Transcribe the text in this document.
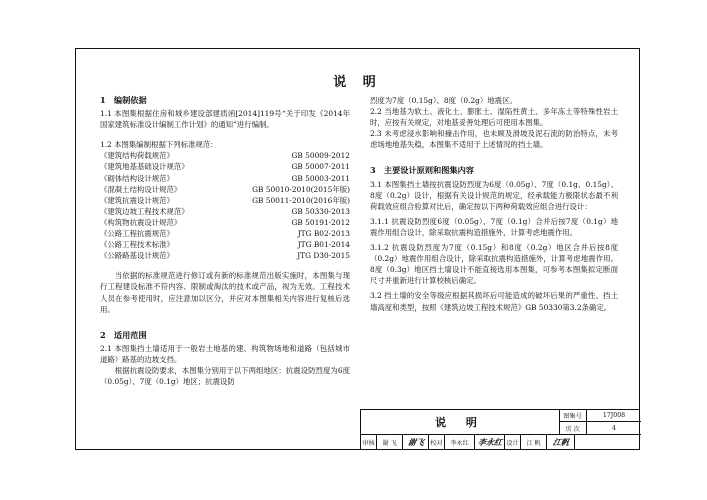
说 明
1　编制依据

1.1 本图集根据住房和城乡建设部建质函[2014]119号“关于印发《2014年国家建筑标准设计编制工作计划》的通知”进行编制。

1.2 本图集编制根据下列标准规范：

《建筑结构荷载规范》	GB 50009-2012
《建筑地基基础设计规范》	GB 50007-2011
《砌体结构设计规范》	GB 50003-2011
《混凝土结构设计规范》	GB 50010-2010(2015年版)
《建筑抗震设计规范》	GB 50011-2010(2016年版)
《建筑边坡工程技术规范》	GB 50330-2013
《构筑物抗震设计规范》	GB 50191-2012
《公路工程抗震规范》	JTG B02-2013
《公路工程技术标准》	JTG B01-2014
《公路路基设计规范》	JTG D30-2015

当依据的标准规范进行修订或有新的标准规范出版实施时，本图集与现行工程建设标准不符内容、限制或淘汰的技术或产品，视为无效。工程技术人员在参考使用时，应注意加以区分，并应对本图集相关内容进行复核后选用。

2　适用范围

2.1 本图集挡土墙适用于一般岩土地基的建、构筑物场地和道路（包括城市道路）路基的边坡支挡。

根据抗震设防要求，本图集分别用于以下两组地区：抗震设防烈度为6度（0.05g）、7度（0.1g）地区；抗震设防

烈度为7度（0.15g）、8度（0.2g）地震区。

2.2 当地基为软土、液化土、膨胀土、湿陷性黄土、多年冻土等特殊性岩土时，应按有关规定，对地基妥善处理后可使用本图集。

2.3 未考虑浸水影响和撞击作用，也未顾及滑坡及泥石流的防治特点，未考虑场地地基失稳，本图集不适用于上述情况的挡土墙。

3　主要设计原则和图集内容

3.1 本图集挡土墙按抗震设防烈度为6度（0.05g）、7度（0.1g、0.15g）、8度（0.2g）设计，根据有关设计规范的规定，经承载能力极限状态最不利荷载效应组合验算对比后，确定按以下两种荷载效应组合进行设计：

3.1.1 抗震设防烈度6度（0.05g）、7度（0.1g）合并后按7度（0.1g）地震作用组合设计，除采取抗震构造措施外，计算考虑地震作用。

3.1.2 抗震设防烈度为7度（0.15g）和8度（0.2g）地区合并后按8度（0.2g）地震作用组合设计，除采取抗震构造措施外，计算考虑地震作用。8度（0.3g）地区挡土墙设计不能直接选用本图集，可参考本图集拟定断面尺寸并重新进行计算校核后确定。

3.2 挡土墙的安全等级应根据其损坏后可能造成的破坏后果的严重性、挡土墙高度和类型，按照《建筑边坡工程技术规范》GB 50330第3.2条确定。

说 明	图集号	17J008
页 次	4
审核	谢 飞	谢飞 校对	李永红 李永红 设计	江 帆	江帆
